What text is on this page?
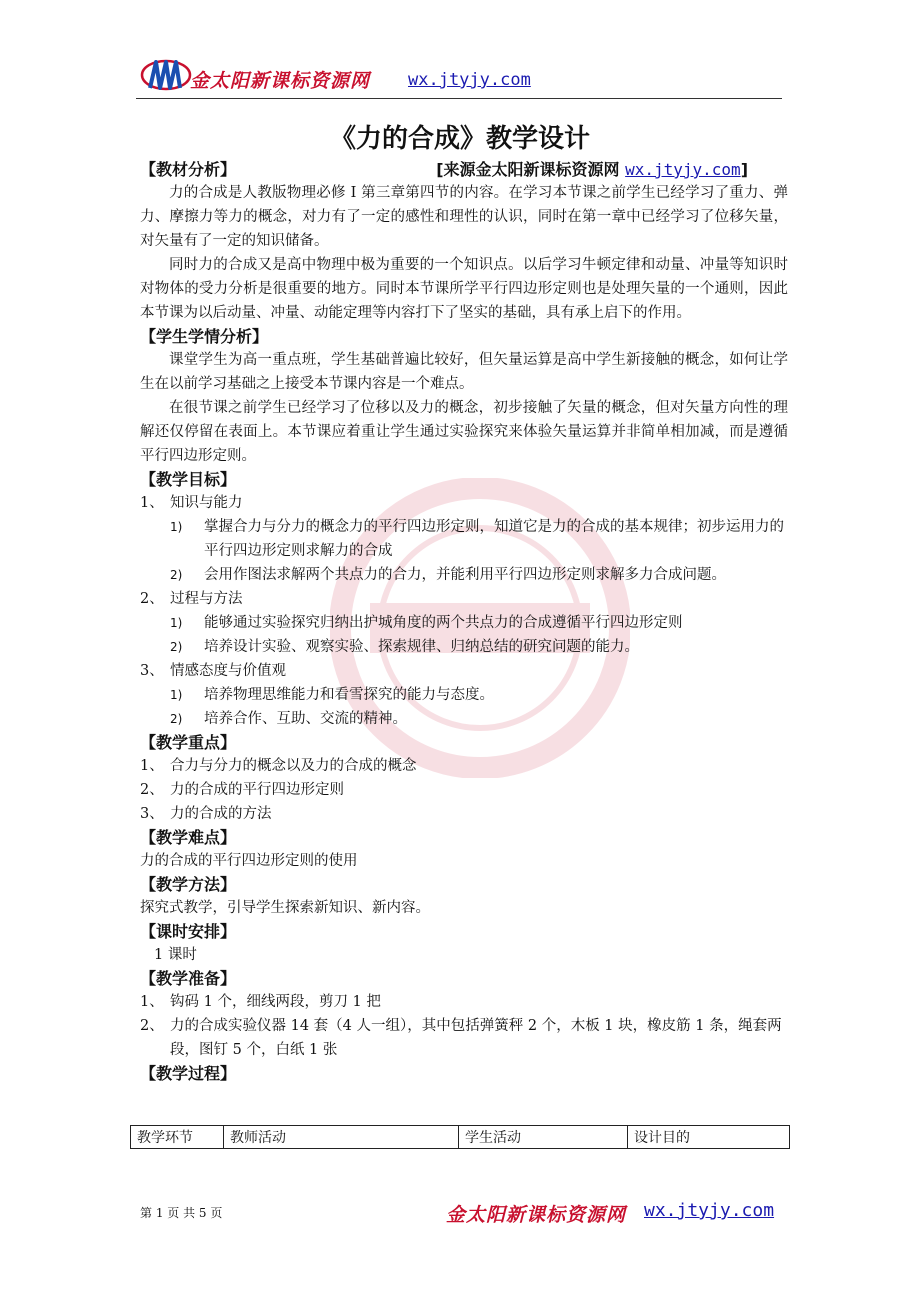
金太阳新课标资源网 wx.jtyjy.com
《力的合成》教学设计
【教材分析】	[来源金太阳新课标资源网 wx.jtyjy.com]

力的合成是人教版物理必修 I 第三章第四节的内容。在学习本节课之前学生已经学习了重力、弹力、摩擦力等力的概念，对力有了一定的感性和理性的认识，同时在第一章中已经学习了位移矢量，对矢量有了一定的知识储备。

同时力的合成又是高中物理中极为重要的一个知识点。以后学习牛顿定律和动量、冲量等知识时对物体的受力分析是很重要的地方。同时本节课所学平行四边形定则也是处理矢量的一个通则，因此本节课为以后动量、冲量、动能定理等内容打下了坚实的基础，具有承上启下的作用。

【学生学情分析】

课堂学生为高一重点班，学生基础普遍比较好，但矢量运算是高中学生新接触的概念，如何让学生在以前学习基础之上接受本节课内容是一个难点。

在很节课之前学生已经学习了位移以及力的概念，初步接触了矢量的概念，但对矢量方向性的理解还仅停留在表面上。本节课应着重让学生通过实验探究来体验矢量运算并非简单相加减，而是遵循平行四边形定则。

【教学目标】
1、 知识与能力
1)	掌握合力与分力的概念力的平行四边形定则，知道它是力的合成的基本规律；初步运用力的平行四边形定则求解力的合成
2)	会用作图法求解两个共点力的合力，并能利用平行四边形定则求解多力合成问题。
2、 过程与方法
1)	能够通过实验探究归纳出护城角度的两个共点力的合成遵循平行四边形定则
2)	培养设计实验、观察实验、探索规律、归纳总结的研究问题的能力。
3、 情感态度与价值观
1)	培养物理思维能力和看雪探究的能力与态度。
2)	培养合作、互助、交流的精神。
【教学重点】
1、 合力与分力的概念以及力的合成的概念
2、 力的合成的平行四边形定则
3、 力的合成的方法
【教学难点】
力的合成的平行四边形定则的使用
【教学方法】
探究式教学，引导学生探索新知识、新内容。
【课时安排】
1 课时
【教学准备】
1、 钩码 1 个，细线两段，剪刀 1 把
2、 力的合成实验仪器 14 套（4 人一组），其中包括弹簧秤 2 个，木板 1 块，橡皮筋 1 条，绳套两段，图钉 5 个，白纸 1 张
【教学过程】
教学环节	教师活动	学生活动	设计目的
第 1 页 共 5 页	金太阳新课标资源网 wx.jtyjy.com
